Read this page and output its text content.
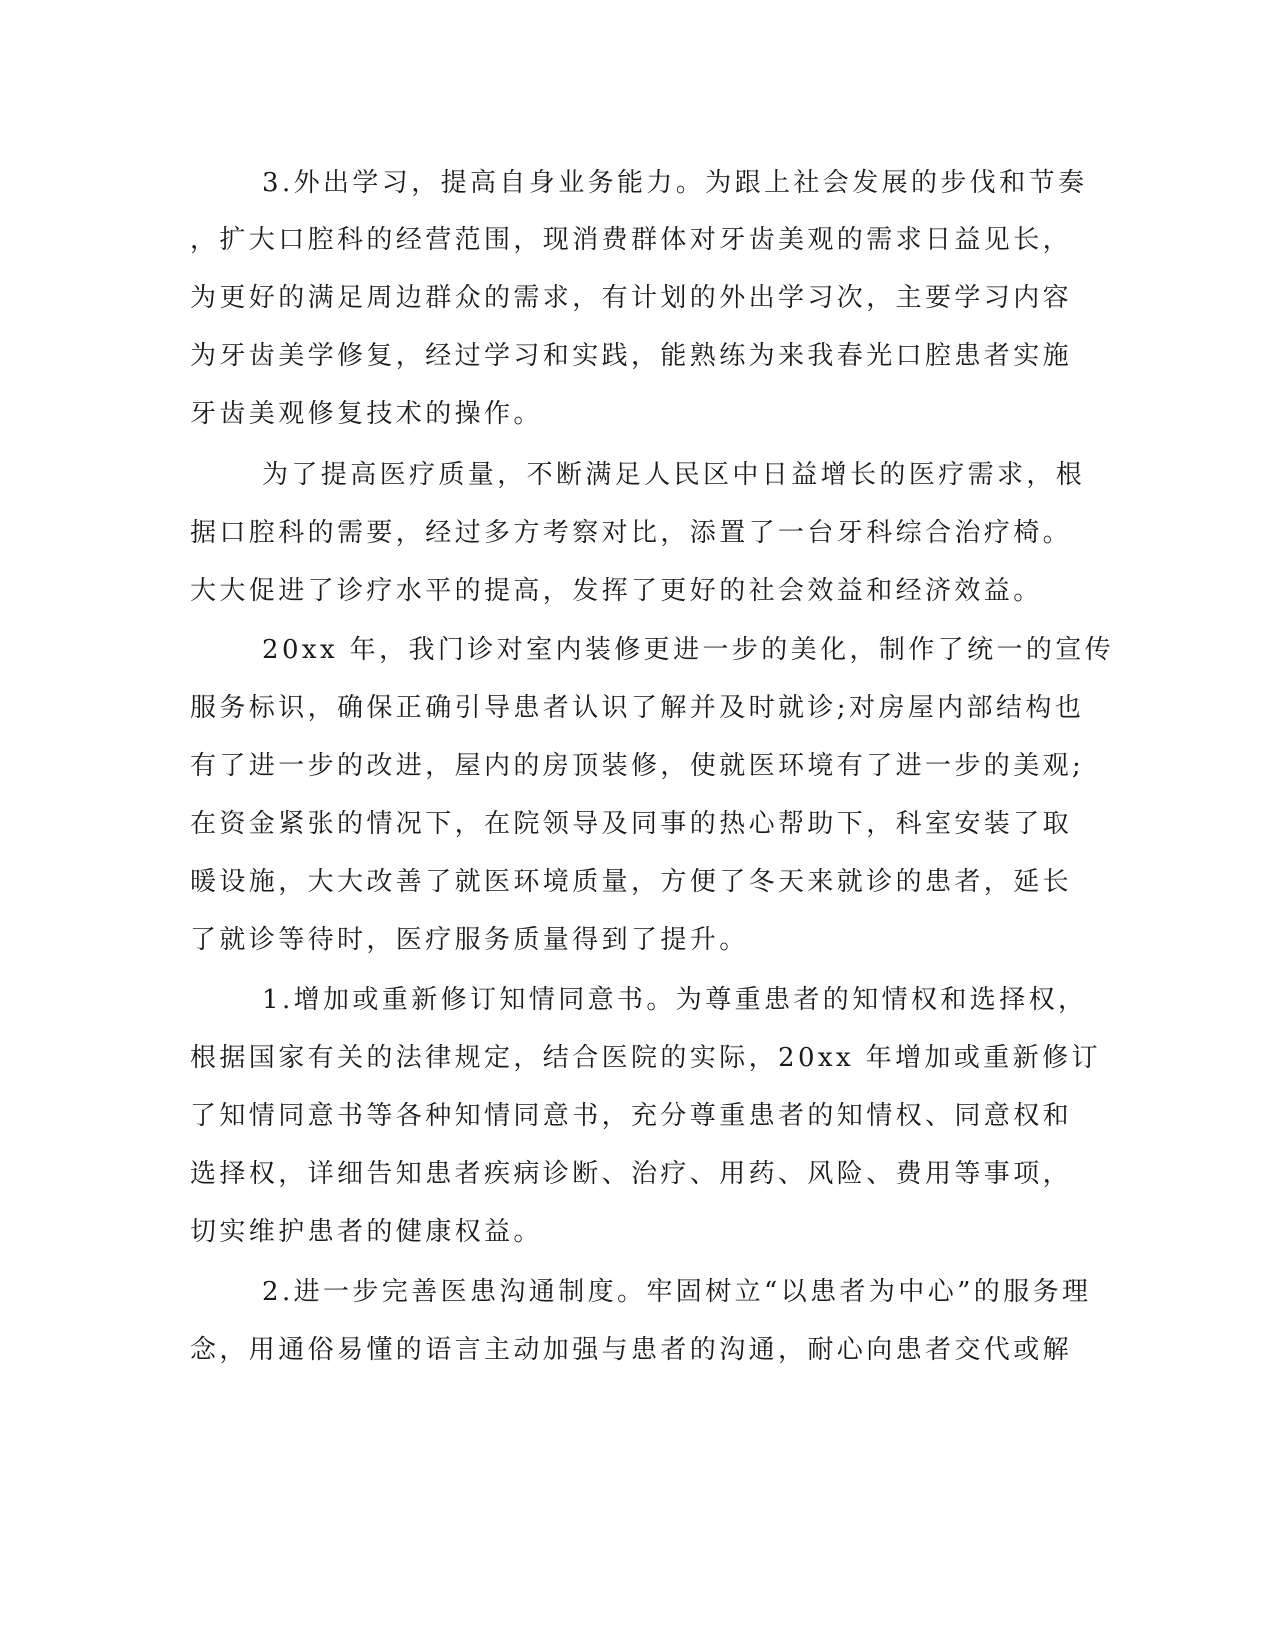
3.外出学习，提高自身业务能力。为跟上社会发展的步伐和节奏

，扩大口腔科的经营范围，现消费群体对牙齿美观的需求日益见长，

为更好的满足周边群众的需求，有计划的外出学习次，主要学习内容

为牙齿美学修复，经过学习和实践，能熟练为来我春光口腔患者实施

牙齿美观修复技术的操作。

为了提高医疗质量，不断满足人民区中日益增长的医疗需求，根

据口腔科的需要，经过多方考察对比，添置了一台牙科综合治疗椅。

大大促进了诊疗水平的提高，发挥了更好的社会效益和经济效益。

20xx 年，我门诊对室内装修更进一步的美化，制作了统一的宣传

服务标识，确保正确引导患者认识了解并及时就诊;对房屋内部结构也

有了进一步的改进，屋内的房顶装修，使就医环境有了进一步的美观;

在资金紧张的情况下，在院领导及同事的热心帮助下，科室安装了取

暖设施，大大改善了就医环境质量，方便了冬天来就诊的患者，延长

了就诊等待时，医疗服务质量得到了提升。

1.增加或重新修订知情同意书。为尊重患者的知情权和选择权，

根据国家有关的法律规定，结合医院的实际，20xx 年增加或重新修订

了知情同意书等各种知情同意书，充分尊重患者的知情权、同意权和

选择权，详细告知患者疾病诊断、治疗、用药、风险、费用等事项，

切实维护患者的健康权益。

2.进一步完善医患沟通制度。牢固树立“以患者为中心”的服务理

念，用通俗易懂的语言主动加强与患者的沟通，耐心向患者交代或解
